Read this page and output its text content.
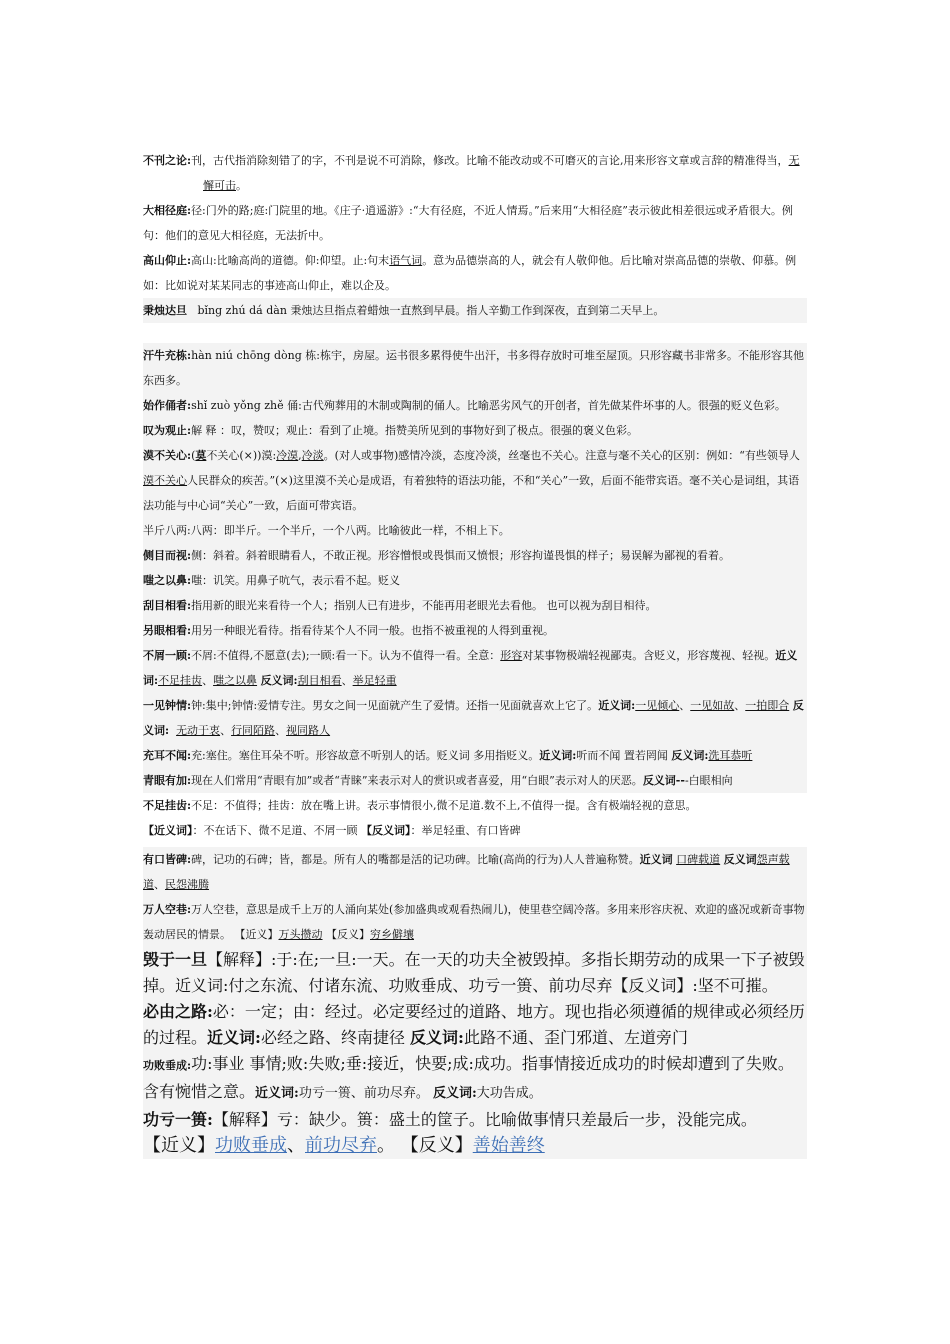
不刊之论:刊，古代指消除刻错了的字，不刊是说不可消除，修改。比喻不能改动或不可磨灭的言论,用来形容文章或言辞的精准得当，无懈可击。

大相径庭:径:门外的路;庭:门院里的地。《庄子·逍遥游》:“大有径庭，不近人情焉。”后来用“大相径庭”表示彼此相差很远或矛盾很大。例句：他们的意见大相径庭，无法折中。

高山仰止:高山:比喻高尚的道德。仰:仰望。止:句末语气词。意为品德崇高的人，就会有人敬仰他。后比喻对崇高品德的崇敬、仰慕。例如：比如说对某某同志的事迹高山仰止，难以企及。

秉烛达旦 bǐng zhú dá dàn 秉烛达旦指点着蜡烛一直熬到早晨。指人辛勤工作到深夜，直到第二天早上。

汗牛充栋:hàn niú chōng dòng 栋:栋宇，房屋。运书很多累得使牛出汗，书多得存放时可堆至屋顶。只形容藏书非常多。不能形容其他东西多。

始作俑者:shǐ zuò yǒng zhě 俑:古代殉葬用的木制或陶制的俑人。比喻恶劣风气的开创者，首先做某件坏事的人。很强的贬义色彩。

叹为观止:解 释 ：叹，赞叹；观止：看到了止境。指赞美所见到的事物好到了极点。很强的褒义色彩。

漠不关心:(莫不关心(×))漠:冷漠,冷淡。(对人或事物)感情冷淡，态度冷淡，丝毫也不关心。注意与毫不关心的区别：例如：“有些领导人漠不关心人民群众的疾苦。”(×)这里漠不关心是成语，有着独特的语法功能，不和“关心”一致，后面不能带宾语。毫不关心是词组，其语法功能与中心词“关心”一致，后面可带宾语。

半斤八两:八两：即半斤。一个半斤，一个八两。比喻彼此一样，不相上下。

侧目而视:侧：斜着。斜着眼睛看人，不敢正视。形容憎恨或畏惧而又愤恨；形容拘谨畏惧的样子；易误解为鄙视的看着。

嗤之以鼻:嗤：讥笑。用鼻子吭气，表示看不起。贬义

刮目相看:指用新的眼光来看待一个人；指别人已有进步，不能再用老眼光去看他。 也可以视为刮目相待。

另眼相看:用另一种眼光看待。指看待某个人不同一般。也指不被重视的人得到重视。

不屑一顾:不屑:不值得,不愿意(去);一顾:看一下。认为不值得一看。全意：形容对某事物极端轻视鄙夷。含贬义，形容蔑视、轻视。近义词:不足挂齿、嗤之以鼻 反义词:刮目相看、举足轻重

一见钟情:钟:集中;钟情:爱情专注。男女之间一见面就产生了爱情。还指一见面就喜欢上它了。近义词:一见倾心、一见如故、一拍即合 反义词: 无动于衷、行同陌路、视同路人

充耳不闻:充:塞住。塞住耳朵不听。形容故意不听别人的话。贬义词 多用指贬义。近义词:听而不闻 置若罔闻 反义词:洗耳恭听

青眼有加:现在人们常用“青眼有加”或者“青睐”来表示对人的赏识或者喜爱，用“白眼”表示对人的厌恶。反义词---白眼相向

不足挂齿:不足：不值得；挂齿：放在嘴上讲。表示事情很小,微不足道.数不上,不值得一提。含有极端轻视的意思。

【近义词】：不在话下、微不足道、不屑一顾 【反义词】：举足轻重、有口皆碑

有口皆碑:碑，记功的石碑；皆，都是。所有人的嘴都是活的记功碑。比喻(高尚的行为)人人普遍称赞。近义词 口碑载道 反义词怨声载道、民怨沸腾

万人空巷:万人空巷，意思是成千上万的人涌向某处(参加盛典或观看热闹儿)，使里巷空阔冷落。多用来形容庆祝、欢迎的盛况或新奇事物轰动居民的情景。 【近义】万头攒动 【反义】穷乡僻壤

毁于一旦【解释】:于:在;一旦:一天。在一天的功夫全被毁掉。多指长期劳动的成果一下子被毁掉。近义词:付之东流、付诸东流、功败垂成、功亏一篑、前功尽弃【反义词】:坚不可摧。

必由之路:必：一定；由：经过。必定要经过的道路、地方。现也指必须遵循的规律或必须经历的过程。近义词:必经之路、终南捷径 反义词:此路不通、歪门邪道、左道旁门

功败垂成:功:事业 事情;败:失败;垂:接近，快要;成:成功。指事情接近成功的时候却遭到了失败。 含有惋惜之意。近义词:功亏一篑、前功尽弃。 反义词:大功告成。

功亏一篑:【解释】亏：缺少。篑：盛土的筐子。比喻做事情只差最后一步，没能完成。
【近义】功败垂成、前功尽弃。 【反义】善始善终
